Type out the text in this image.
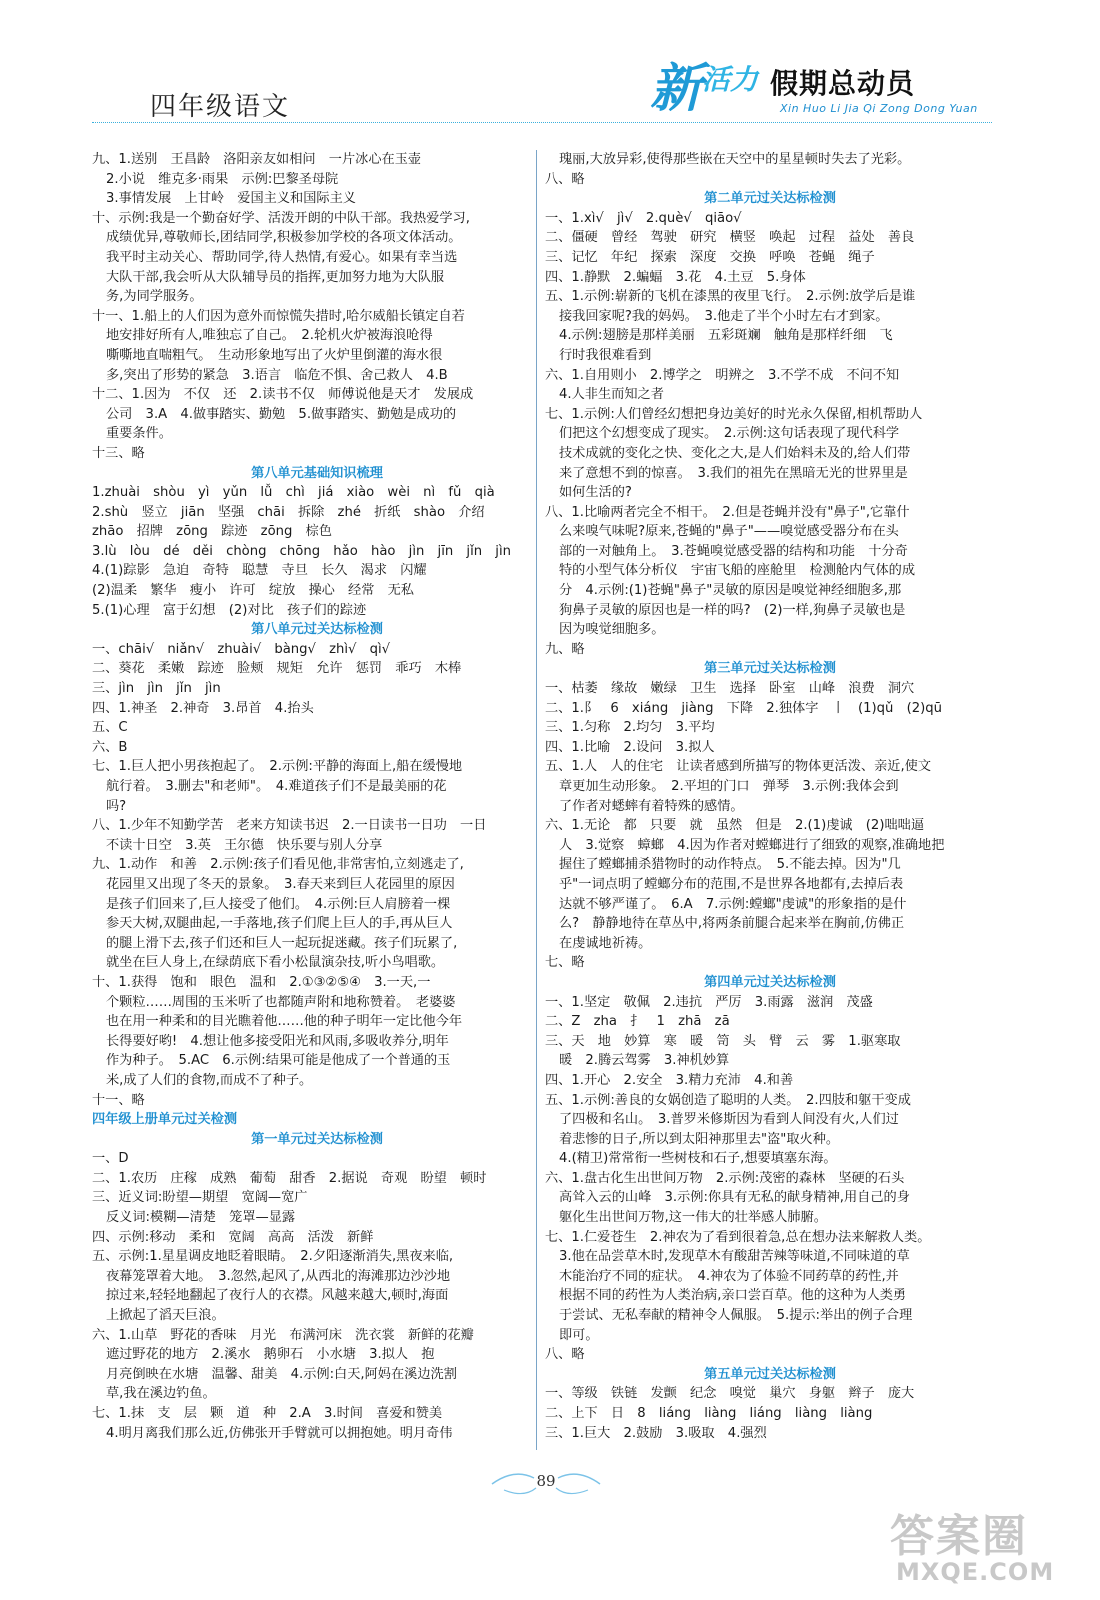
四年级语文	新 活力 假期总动员
Xin Huo Li Jia Qi Zong Dong Yuan
九、1.送别　王昌龄　洛阳亲友如相问　一片冰心在玉壶
2.小说　维克多·雨果　示例:巴黎圣母院
3.事情发展　上甘岭　爱国主义和国际主义
十、示例:我是一个勤奋好学、活泼开朗的中队干部。我热爱学习,
成绩优异,尊敬师长,团结同学,积极参加学校的各项文体活动。
我平时主动关心、帮助同学,待人热情,有爱心。如果有幸当选
大队干部,我会听从大队辅导员的指挥,更加努力地为大队服
务,为同学服务。
十一、1.船上的人们因为意外而惊慌失措时,哈尔威船长镇定自若
地安排好所有人,唯独忘了自己。　2.轮机火炉被海浪呛得
嘶嘶地直喘粗气。　生动形象地写出了火炉里倒灌的海水很
多,突出了形势的紧急　3.语言　临危不惧、舍己救人　4.B
十二、1.因为　不仅　还　2.读书不仅　师傅说他是天才　发展成
公司　3.A　4.做事踏实、勤勉　5.做事踏实、勤勉是成功的
重要条件。
十三、略
第八单元基础知识梳理
1.zhuài　shòu　yì　yǔn　lǚ　chì　jiá　xiào　wèi　nì　fǔ　qià
2.shù　竖立　jiān　坚强　chāi　拆除　zhé　折纸　shào　介绍
zhāo　招牌　zōng　踪迹　zōng　棕色
3.lù　lòu　dé　děi　chòng　chōng　hǎo　hào　jìn　jīn　jǐn　jìn
4.(1)踪影　急迫　奇特　聪慧　寺旦　长久　渴求　闪耀
(2)温柔　繁华　瘦小　许可　绽放　操心　经常　无私
5.(1)心理　富于幻想　(2)对比　孩子们的踪迹
第八单元过关达标检测
一、chāi√　niǎn√　zhuài√　bàng√　zhì√　qì√
二、葵花　柔嫩　踪迹　脸颊　规矩　允许　惩罚　乖巧　木棒
三、jìn　jìn　jǐn　jìn
四、1.神圣　2.神奇　3.昂首　4.抬头
五、C
六、B
七、1.巨人把小男孩抱起了。　2.示例:平静的海面上,船在缓慢地
航行着。　3.删去"和老师"。　4.难道孩子们不是最美丽的花
吗?
八、1.少年不知勤学苦　老来方知读书迟　2.一日读书一日功　一日
不读十日空　3.英　王尔德　快乐要与别人分享
九、1.动作　和善　2.示例:孩子们看见他,非常害怕,立刻逃走了,
花园里又出现了冬天的景象。　3.春天来到巨人花园里的原因
是孩子们回来了,巨人接受了他们。　4.示例:巨人肩膀着一棵
参天大树,双腿曲起,一手落地,孩子们爬上巨人的手,再从巨人
的腿上滑下去,孩子们还和巨人一起玩捉迷藏。孩子们玩累了,
就坐在巨人身上,在绿荫底下看小松鼠演杂技,听小鸟唱歌。
十、1.获得　饱和　眼色　温和　2.①③②⑤④　3.一天,一
个颗粒……周围的玉米听了也都随声附和地称赞着。　老婆婆
也在用一种柔和的目光瞧着他……他的种子明年一定比他今年
长得要好哟!　4.想让他多接受阳光和风雨,多吸收养分,明年
作为种子。　5.AC　6.示例:结果可能是他成了一个普通的玉
米,成了人们的食物,而成不了种子。
十一、略
四年级上册单元过关检测
第一单元过关达标检测
一、D
二、1.农历　庄稼　成熟　葡萄　甜香　2.据说　奇观　盼望　顿时
三、近义词:盼望—期望　宽阔—宽广
反义词:模糊—清楚　笼罩—显露
四、示例:移动　柔和　宽阔　高高　活泼　新鲜
五、示例:1.星星调皮地眨着眼睛。　2.夕阳逐渐消失,黑夜来临,
夜幕笼罩着大地。　3.忽然,起风了,从西北的海滩那边沙沙地
掠过来,轻轻地翻起了夜行人的衣襟。风越来越大,顿时,海面
上掀起了滔天巨浪。
六、1.山草　野花的香味　月光　布满河床　洗衣裳　新鲜的花瓣
遮过野花的地方　2.溪水　鹅卵石　小水塘　3.拟人　抱
月亮倒映在水塘　温馨、甜美　4.示例:白天,阿妈在溪边洗割
草,我在溪边钓鱼。
七、1.抹　支　层　颗　道　种　2.A　3.时间　喜爱和赞美
4.明月离我们那么近,仿佛张开手臂就可以拥抱她。明月奇伟
瑰丽,大放异彩,使得那些嵌在天空中的星星顿时失去了光彩。
八、略
第二单元过关达标检测
一、1.xì√　jì√　2.què√　qiāo√
二、僵硬　曾经　驾驶　研究　横竖　唤起　过程　益处　善良
三、记忆　年纪　探索　深度　交换　呼唤　苍蝇　绳子
四、1.静默　2.蝙蝠　3.花　4.土豆　5.身体
五、1.示例:崭新的飞机在漆黑的夜里飞行。　2.示例:放学后是谁
接我回家呢?我的妈妈。　3.他走了半个小时左右才到家。
4.示例:翅膀是那样美丽　五彩斑斓　触角是那样纤细　飞
行时我很难看到
六、1.自用则小　2.博学之　明辨之　3.不学不成　不问不知
4.人非生而知之者
七、1.示例:人们曾经幻想把身边美好的时光永久保留,相机帮助人
们把这个幻想变成了现实。　2.示例:这句话表现了现代科学
技术成就的变化之快、变化之大,是人们始料未及的,给人们带
来了意想不到的惊喜。　3.我们的祖先在黑暗无光的世界里是
如何生活的?
八、1.比喻两者完全不相干。　2.但是苍蝇并没有"鼻子",它靠什
么来嗅气味呢?原来,苍蝇的"鼻子"——嗅觉感受器分布在头
部的一对触角上。　3.苍蝇嗅觉感受器的结构和功能　十分奇
特的小型气体分析仪　宇宙飞船的座舱里　检测舱内气体的成
分　4.示例:(1)苍蝇"鼻子"灵敏的原因是嗅觉神经细胞多,那
狗鼻子灵敏的原因也是一样的吗?　(2)一样,狗鼻子灵敏也是
因为嗅觉细胞多。
九、略
第三单元过关达标检测
一、枯萎　缘故　嫩绿　卫生　选择　卧室　山峰　浪费　洞穴
二、1.阝　6　xiáng　jiàng　下降　2.独体字　丨　(1)qǔ　(2)qū
三、1.匀称　2.均匀　3.平均
四、1.比喻　2.设问　3.拟人
五、1.人　人的住宅　让读者感到所描写的物体更活泼、亲近,使文
章更加生动形象。　2.平坦的门口　弹琴　3.示例:我体会到
了作者对蟋蟀有着特殊的感情。
六、1.无论　都　只要　就　虽然　但是　2.(1)虔诚　(2)咄咄逼
人　3.觉察　蟑螂　4.因为作者对螳螂进行了细致的观察,准确地把
握住了螳螂捕杀猎物时的动作特点。　5.不能去掉。因为"几
乎"一词点明了螳螂分布的范围,不是世界各地都有,去掉后表
达就不够严谨了。　6.A　7.示例:螳螂"虔诚"的形象指的是什
么?　静静地待在草丛中,将两条前腿合起来举在胸前,仿佛正
在虔诚地祈祷。
七、略
第四单元过关达标检测
一、1.坚定　敬佩　2.违抗　严厉　3.雨露　滋润　茂盛
二、Z　zha　扌　1　zhā　zā
三、天　地　妙算　寒　暖　笥　头　臂　云　雾　1.驱寒取
暖　2.腾云驾雾　3.神机妙算
四、1.开心　2.安全　3.精力充沛　4.和善
五、1.示例:善良的女娲创造了聪明的人类。　2.四肢和躯干变成
了四极和名山。　3.普罗米修斯因为看到人间没有火,人们过
着悲惨的日子,所以到太阳神那里去"盗"取火种。
4.(精卫)常常衔一些树枝和石子,想要填塞东海。
六、1.盘古化生出世间万物　2.示例:茂密的森林　坚硬的石头
高耸入云的山峰　3.示例:你具有无私的献身精神,用自己的身
躯化生出世间万物,这一伟大的壮举感人肺腑。
七、1.仁爱苍生　2.神农为了看到很着急,总在想办法来解救人类。
3.他在品尝草木时,发现草木有酸甜苦辣等味道,不同味道的草
木能治疗不同的症状。　4.神农为了体验不同药草的药性,并
根据不同的药性为人类治病,亲口尝百草。他的这种为人类勇
于尝试、无私奉献的精神令人佩服。　5.提示:举出的例子合理
即可。
八、略
第五单元过关达标检测
一、等级　铁链　发颤　纪念　嗅觉　巢穴　身躯　辫子　庞大
二、上下　日　8　liáng　liàng　liáng　liàng　liàng
三、1.巨大　2.鼓励　3.吸取　4.强烈
89
答案圈
MXQE.COM
